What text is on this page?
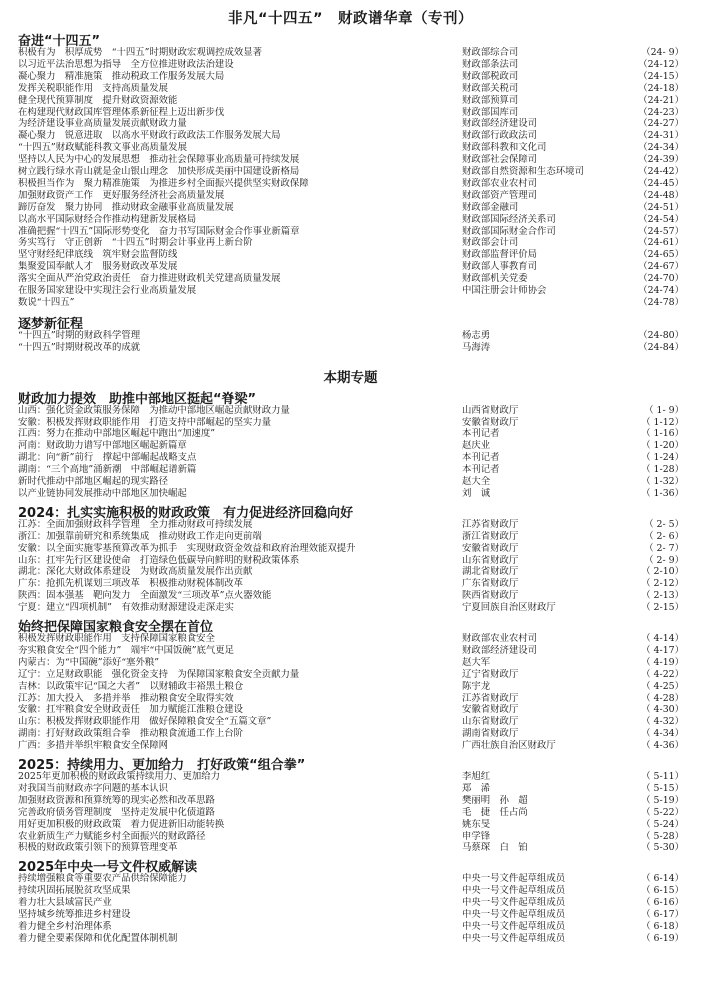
非凡“十四五”　财政谱华章（专刊）
奋进“十四五”
积极有为　积厚成势　“十四五”时期财政宏观调控成效显著	财政部综合司	（24- 9）
以习近平法治思想为指导　全方位推进财政法治建设	财政部条法司	（24-12）
凝心聚力　精准施策　推动税政工作服务发展大局	财政部税政司	（24-15）
发挥关税职能作用　支持高质量发展	财政部关税司	（24-18）
健全现代预算制度　提升财政资源效能	财政部预算司	（24-21）
在构建现代财政国库管理体系新征程上迈出新步伐	财政部国库司	（24-23）
为经济建设事业高质量发展贡献财政力量	财政部经济建设司	（24-27）
凝心聚力　锐意进取　以高水平财政行政政法工作服务发展大局	财政部行政政法司	（24-31）
“十四五”财政赋能科教文事业高质量发展	财政部科教和文化司	（24-34）
坚持以人民为中心的发展思想　推动社会保障事业高质量可持续发展	财政部社会保障司	（24-39）
树立践行绿水青山就是金山银山理念　加快形成美丽中国建设新格局	财政部自然资源和生态环境司	（24-42）
积极担当作为　聚力精准施策　为推进乡村全面振兴提供坚实财政保障	财政部农业农村司	（24-45）
加强财政资产工作　更好服务经济社会高质量发展	财政部资产管理司	（24-48）
蹄厉奋发　聚力协同　推动财政金融事业高质量发展	财政部金融司	（24-51）
以高水平国际财经合作推动构建新发展格局	财政部国际经济关系司	（24-54）
准确把握“十四五”国际形势变化　奋力书写国际财金合作事业新篇章	财政部国际财金合作司	（24-57）
务实笃行　守正创新　“十四五”时期会计事业再上新台阶	财政部会计司	（24-61）
坚守财经纪律底线　筑牢财会监督防线	财政部监督评价局	（24-65）
集聚爱国奉献人才　服务财政改革发展	财政部人事教育司	（24-67）
落实全面从严治党政治责任　奋力推进财政机关党建高质量发展	财政部机关党委	（24-70）
在服务国家建设中实现注会行业高质量发展	中国注册会计师协会	（24-74）
数说“十四五”	（24-78）
逐梦新征程
“十四五”时期的财政科学管理	杨志勇	（24-80）
“十四五”时期财税改革的成就	马海涛	（24-84）
本期专题
财政加力提效　助推中部地区挺起“脊梁”
山西：强化资金政策服务保障　为推动中部地区崛起贡献财政力量	山西省财政厅	（ 1- 9）
安徽：积极发挥财政职能作用　打造支持中部崛起的坚实力量	安徽省财政厅	（ 1-12）
江西：努力在推动中部地区崛起中跑出“加速度”	本刊记者	（ 1-16）
河南：财政助力谱写中部地区崛起新篇章	赵庆业	（ 1-20）
湖北：向“新”前行　撑起中部崛起战略支点	本刊记者	（ 1-24）
湖南：“三个高地”涌新潮　中部崛起谱新篇	本刊记者	（ 1-28）
新时代推动中部地区崛起的现实路径	赵大全	（ 1-32）
以产业链协同发展推动中部地区加快崛起	刘　诚	（ 1-36）
2024：扎实实施积极的财政政策　有力促进经济回稳向好
江苏：全面加强财政科学管理　全力推动财政可持续发展	江苏省财政厅	（ 2- 5）
浙江：加强靠前研究和系统集成　推动财政工作走向更前端	浙江省财政厅	（ 2- 6）
安徽：以全面实施零基预算改革为抓手　实现财政资金效益和政府治理效能双提升	安徽省财政厅	（ 2- 7）
山东：扛牢先行区建设使命　打造绿色低碳导向鲜明的财税政策体系	山东省财政厅	（ 2- 9）
湖北：深化大财政体系建设　为财政高质量发展作出贡献	湖北省财政厅	（ 2-10）
广东：抢抓先机谋划三项改革　积极推动财税体制改革	广东省财政厅	（ 2-12）
陕西：固本强基　靶向发力　全面激发“三项改革”点火器效能	陕西省财政厅	（ 2-13）
宁夏：建立“四项机制”　有效推动财源建设走深走实	宁夏回族自治区财政厅	（ 2-15）
始终把保障国家粮食安全摆在首位
积极发挥财政职能作用　支持保障国家粮食安全	财政部农业农村司	（ 4-14）
夯实粮食安全“四个能力”　端牢“中国饭碗”底气更足	财政部经济建设司	（ 4-17）
内蒙古：为“中国碗”添好“塞外粮”	赵大军	（ 4-19）
辽宁：立足财政职能　强化资金支持　为保障国家粮食安全贡献力量	辽宁省财政厅	（ 4-22）
吉林：以政策牢记“国之大者”　以财辅政丰裕黑土粮仓	陈宇龙	（ 4-25）
江苏：加大投入　多措并举　推动粮食安全取得实效	江苏省财政厅	（ 4-28）
安徽：扛牢粮食安全财政责任　加力赋能江淮粮仓建设	安徽省财政厅	（ 4-30）
山东：积极发挥财政职能作用　做好保障粮食安全“五篇文章”	山东省财政厅	（ 4-32）
湖南：打好财政政策组合拳　推动粮食流通工作上台阶	湖南省财政厅	（ 4-34）
广西：多措并举织牢粮食安全保障网	广西壮族自治区财政厅	（ 4-36）
2025：持续用力、更加给力　打好政策“组合拳”
2025年更加积极的财政政策持续用力、更加给力	李旭红	（ 5-11）
对我国当前财政赤字问题的基本认识	郑　浠	（ 5-15）
加强财政资源和预算统筹的现实必然和改革思路	樊丽明　孙　超	（ 5-19）
完善政府债务管理制度　坚持走发展中化债道路	毛　捷　任占尚	（ 5-22）
用好更加积极的财政政策　着力促进新旧动能转换	姚东旻	（ 5-24）
农业新质生产力赋能乡村全面振兴的财政路径	申学锋	（ 5-28）
积极的财政政策引领下的预算管理变革	马蔡琛　白　铂	（ 5-30）
2025年中央一号文件权威解读
持续增强粮食等重要农产品供给保障能力	中央一号文件起草组成员	（ 6-14）
持续巩固拓展脱贫攻坚成果	中央一号文件起草组成员	（ 6-15）
着力壮大县域富民产业	中央一号文件起草组成员	（ 6-16）
坚持城乡统筹推进乡村建设	中央一号文件起草组成员	（ 6-17）
着力健全乡村治理体系	中央一号文件起草组成员	（ 6-18）
着力健全要素保障和优化配置体制机制	中央一号文件起草组成员	（ 6-19）
